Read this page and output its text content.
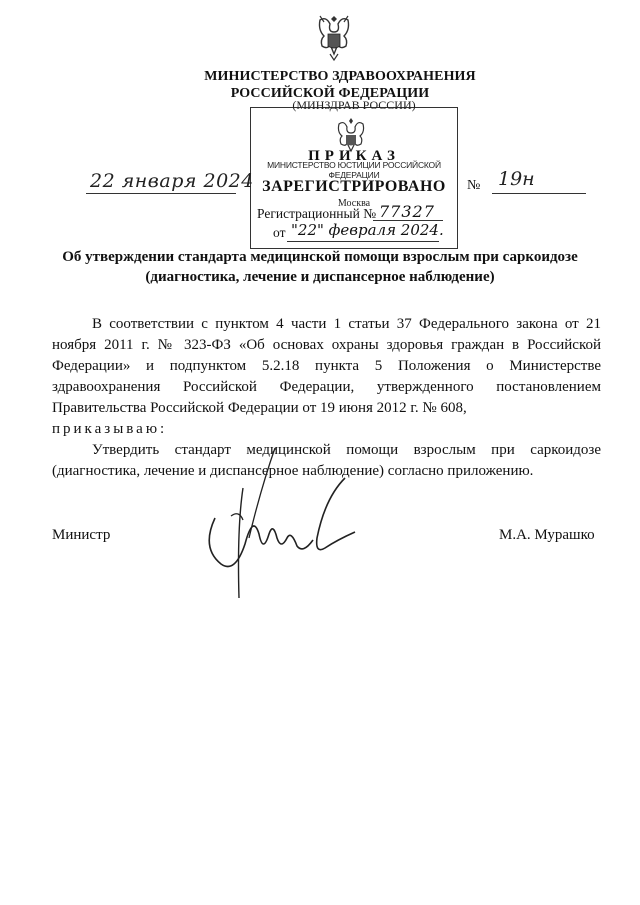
МИНИСТЕРСТВО ЗДРАВООХРАНЕНИЯ
РОССИЙСКОЙ ФЕДЕРАЦИИ
(МИНЗДРАВ РОССИИ)
ПРИКАЗ
МИНИСТЕРСТВО ЮСТИЦИИ РОССИЙСКОЙ ФЕДЕРАЦИИ
ЗАРЕГИСТРИРОВАНО
Москва
Регистрационный № 77327
от "22" февраля 2024.
22 января 2024	№ 19н
Об утверждении стандарта медицинской помощи взрослым при саркоидозе
(диагностика, лечение и диспансерное наблюдение)

В соответствии с пунктом 4 части 1 статьи 37 Федерального закона от 21 ноября 2011 г. № 323-ФЗ «Об основах охраны здоровья граждан в Российской Федерации» и подпунктом 5.2.18 пункта 5 Положения о Министерстве здравоохранения Российской Федерации, утвержденного постановлением Правительства Российской Федерации от 19 июня 2012 г. № 608,

приказываю:

Утвердить стандарт медицинской помощи взрослым при саркоидозе (диагностика, лечение и диспансерное наблюдение) согласно приложению.

Министр	М.А. Мурашко
